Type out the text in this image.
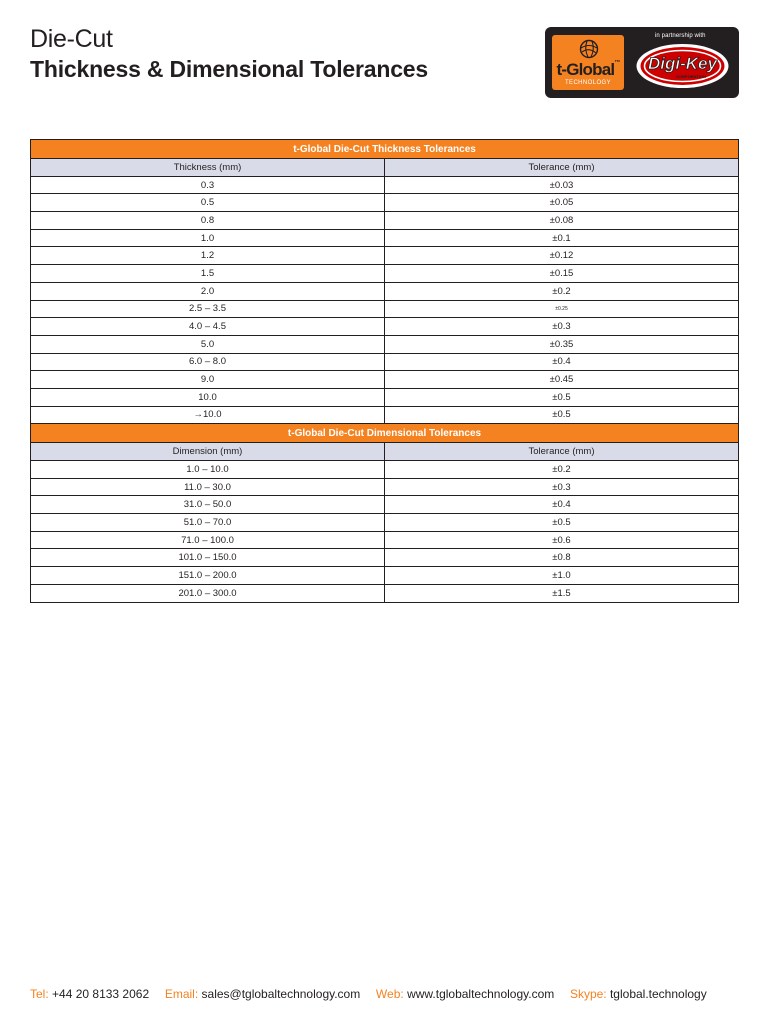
Die-Cut
Thickness & Dimensional Tolerances
in partnership with
t-Global™
TECHNOLOGY
Digi-Key
CORPORATION
t-Global Die-Cut Thickness Tolerances	
Thickness (mm)	Tolerance (mm)
0.3	±0.03
0.5	±0.05
0.8	±0.08
1.0	±0.1
1.2	±0.12
1.5	±0.15
2.0	±0.2
2.5 – 3.5	±0.25
4.0 – 4.5	±0.3
5.0	±0.35
6.0 – 8.0	±0.4
9.0	±0.45
10.0	±0.5
→10.0	±0.5
t-Global Die-Cut Dimensional Tolerances	
Dimension (mm)	Tolerance (mm)
1.0 – 10.0	±0.2
11.0 – 30.0	±0.3
31.0 – 50.0	±0.4
51.0 – 70.0	±0.5
71.0 – 100.0	±0.6
101.0 – 150.0	±0.8
151.0 – 200.0	±1.0
201.0 – 300.0	±1.5
Tel: +44 20 8133 2062 Email: sales@tglobaltechnology.com Web: www.tglobaltechnology.com Skype: tglobal.technology
